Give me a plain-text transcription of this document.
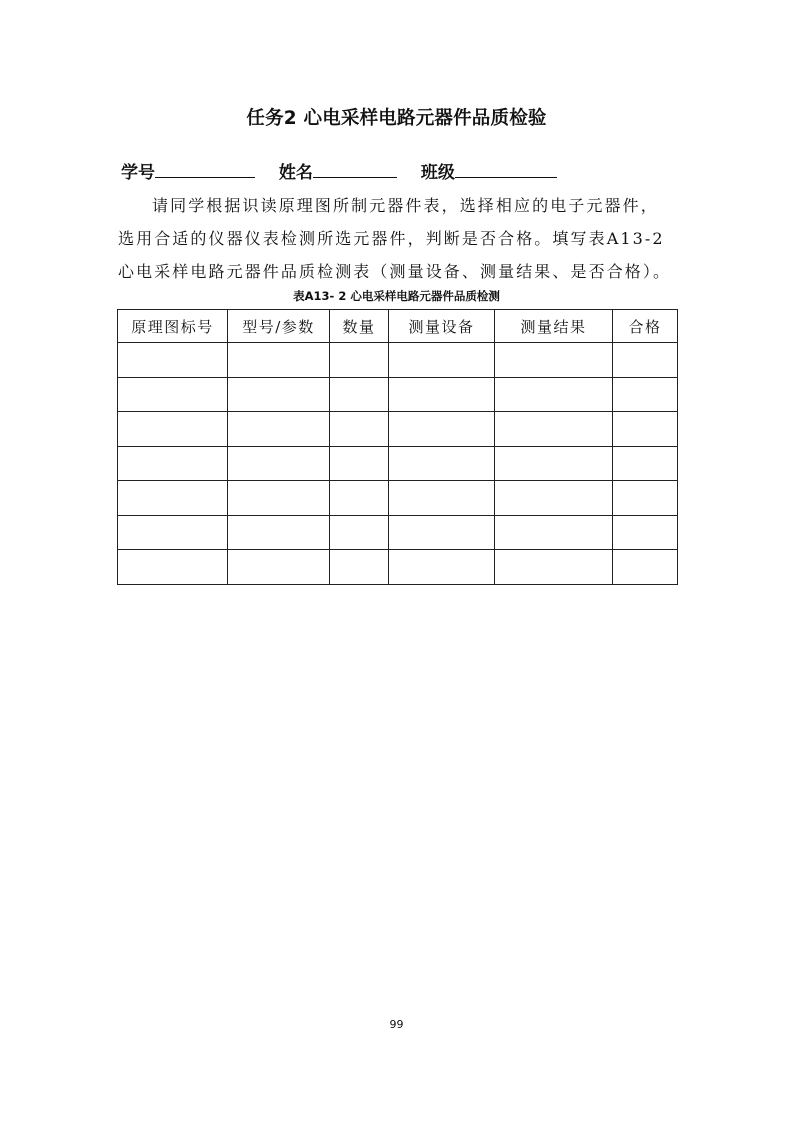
任务2 心电采样电路元器件品质检验
学号	姓名	班级
请同学根据识读原理图所制元器件表，选择相应的电子元器件，
选用合适的仪器仪表检测所选元器件，判断是否合格。填写表A13-2
心电采样电路元器件品质检测表（测量设备、测量结果、是否合格）。
表A13- 2 心电采样电路元器件品质检测
原理图标号	型号/参数	数量	测量设备	测量结果	合格

99
